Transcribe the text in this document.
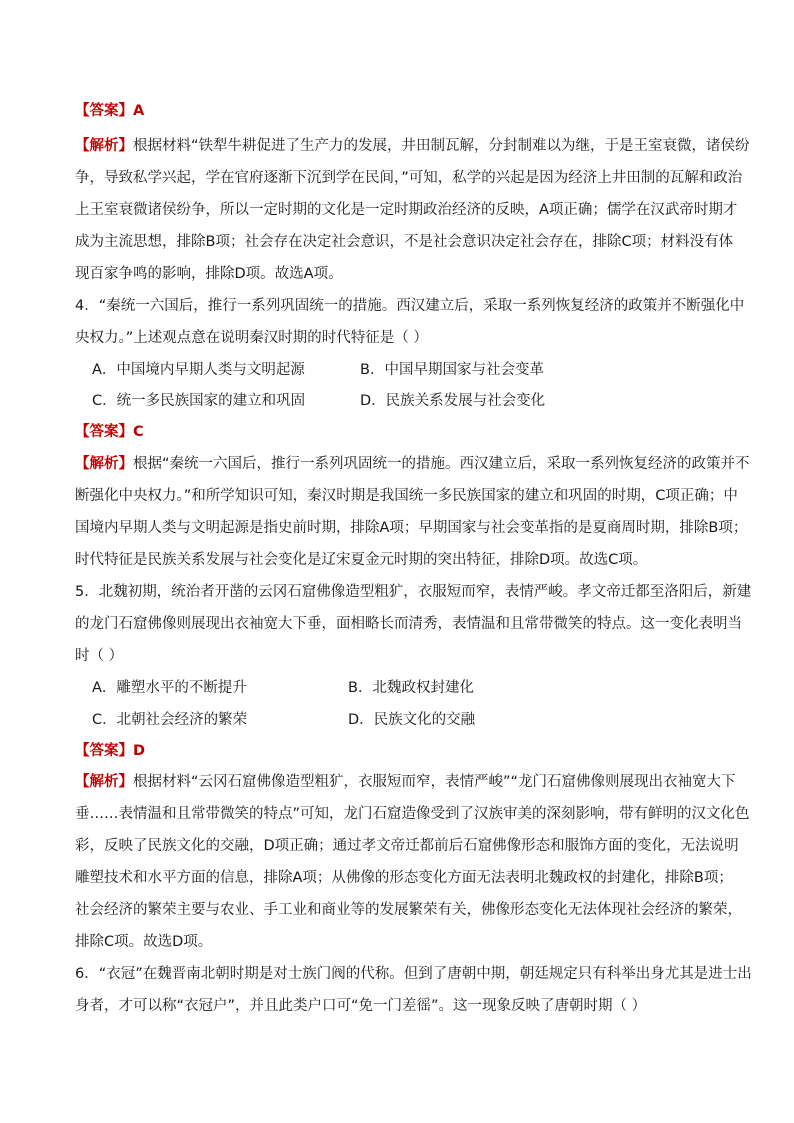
【答案】A
【解析】根据材料“铁犁牛耕促进了生产力的发展，井田制瓦解，分封制难以为继，于是王室衰微，诸侯纷
争，导致私学兴起，学在官府逐渐下沉到学在民间，”可知，私学的兴起是因为经济上井田制的瓦解和政治
上王室衰微诸侯纷争，所以一定时期的文化是一定时期政治经济的反映，A项正确；儒学在汉武帝时期才
成为主流思想，排除B项；社会存在决定社会意识，不是社会意识决定社会存在，排除C项；材料没有体
现百家争鸣的影响，排除D项。故选A项。
4．“秦统一六国后，推行一系列巩固统一的措施。西汉建立后，采取一系列恢复经济的政策并不断强化中
央权力。”上述观点意在说明秦汉时期的时代特征是（ ）
A．中国境内早期人类与文明起源	B．中国早期国家与社会变革
C．统一多民族国家的建立和巩固	D．民族关系发展与社会变化
【答案】C
【解析】根据“秦统一六国后，推行一系列巩固统一的措施。西汉建立后，采取一系列恢复经济的政策并不
断强化中央权力。”和所学知识可知，秦汉时期是我国统一多民族国家的建立和巩固的时期，C项正确；中
国境内早期人类与文明起源是指史前时期，排除A项；早期国家与社会变革指的是夏商周时期，排除B项；
时代特征是民族关系发展与社会变化是辽宋夏金元时期的突出特征，排除D项。故选C项。
5．北魏初期，统治者开凿的云冈石窟佛像造型粗犷，衣服短而窄，表情严峻。孝文帝迁都至洛阳后，新建
的龙门石窟佛像则展现出衣袖宽大下垂，面相略长而清秀，表情温和且常带微笑的特点。这一变化表明当
时（ ）
A．雕塑水平的不断提升	B．北魏政权封建化
C．北朝社会经济的繁荣	D．民族文化的交融
【答案】D
【解析】根据材料“云冈石窟佛像造型粗犷，衣服短而窄，表情严峻”“龙门石窟佛像则展现出衣袖宽大下
垂……表情温和且常带微笑的特点”可知，龙门石窟造像受到了汉族审美的深刻影响，带有鲜明的汉文化色
彩，反映了民族文化的交融，D项正确；通过孝文帝迁都前后石窟佛像形态和服饰方面的变化，无法说明
雕塑技术和水平方面的信息，排除A项；从佛像的形态变化方面无法表明北魏政权的封建化，排除B项；
社会经济的繁荣主要与农业、手工业和商业等的发展繁荣有关，佛像形态变化无法体现社会经济的繁荣，
排除C项。故选D项。
6．“衣冠”在魏晋南北朝时期是对士族门阀的代称。但到了唐朝中期，朝廷规定只有科举出身尤其是进士出
身者，才可以称“衣冠户”，并且此类户口可“免一门差徭”。这一现象反映了唐朝时期（ ）
